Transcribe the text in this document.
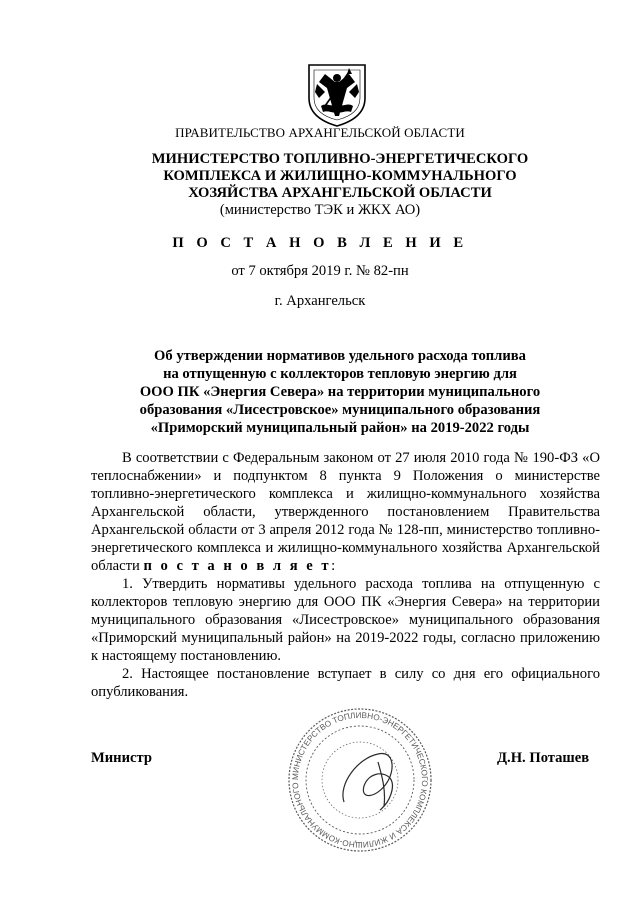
ПРАВИТЕЛЬСТВО АРХАНГЕЛЬСКОЙ ОБЛАСТИ
МИНИСТЕРСТВО ТОПЛИВНО-ЭНЕРГЕТИЧЕСКОГО
КОМПЛЕКСА И ЖИЛИЩНО-КОММУНАЛЬНОГО
ХОЗЯЙСТВА АРХАНГЕЛЬСКОЙ ОБЛАСТИ
(министерство ТЭК и ЖКХ АО)
П О С Т А Н О В Л Е Н И Е
от 7 октября 2019 г. № 82-пн
г. Архангельск
Об утверждении нормативов удельного расхода топлива
на отпущенную с коллекторов тепловую энергию для
ООО ПК «Энергия Севера» на территории муниципального
образования «Лисестровское» муниципального образования
«Приморский муниципальный район» на 2019-2022 годы

В соответствии с Федеральным законом от 27 июля 2010 года № 190-ФЗ «О теплоснабжении» и подпунктом 8 пункта 9 Положения о министерстве топливно-энергетического комплекса и жилищно-коммунального хозяйства Архангельской области, утвержденного постановлением Правительства Архангельской области от 3 апреля 2012 года № 128-пп, министерство топливно-энергетического комплекса и жилищно-коммунального хозяйства Архангельской области п о с т а н о в л я е т:

1. Утвердить нормативы удельного расхода топлива на отпущенную с коллекторов тепловую энергию для ООО ПК «Энергия Севера» на территории муниципального образования «Лисестровское» муниципального образования «Приморский муниципальный район» на 2019-2022 годы, согласно приложению к настоящему постановлению.

2. Настоящее постановление вступает в силу со дня его официального опубликования.

МИНИСТЕРСТВО ТОПЛИВНО-ЭНЕРГЕТИЧЕСКОГО КОМПЛЕКСА И ЖИЛИЩНО-КОММУНАЛЬНОГО
Министр	Д.Н. Поташев
